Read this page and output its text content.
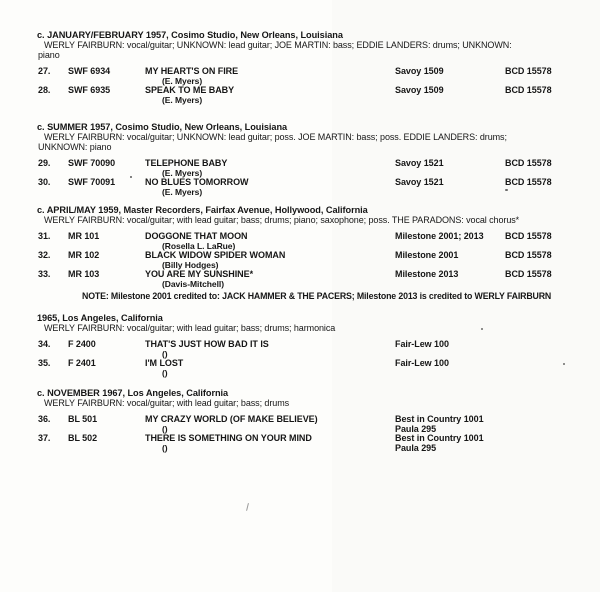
c. JANUARY/FEBRUARY 1957, Cosimo Studio, New Orleans, Louisiana
WERLY FAIRBURN: vocal/guitar; UNKNOWN: lead guitar; JOE MARTIN: bass; EDDIE LANDERS: drums; UNKNOWN:
piano
27.	SWF 6934	MY HEART'S ON FIRE
(E. Myers)
Savoy 1509	BCD 15578
28.	SWF 6935	SPEAK TO ME BABY
(E. Myers)
Savoy 1509	BCD 15578
c. SUMMER 1957, Cosimo Studio, New Orleans, Louisiana
WERLY FAIRBURN: vocal/guitar; UNKNOWN: lead guitar; poss. JOE MARTIN: bass; poss. EDDIE LANDERS: drums;
UNKNOWN: piano
29.	SWF 70090	TELEPHONE BABY
(E. Myers)
Savoy 1521	BCD 15578
30.	SWF 70091	NO BLUES TOMORROW
(E. Myers)
Savoy 1521	BCD 15578
c. APRIL/MAY 1959, Master Recorders, Fairfax Avenue, Hollywood, California
WERLY FAIRBURN: vocal/guitar; with lead guitar; bass; drums; piano; saxophone; poss. THE PARADONS: vocal chorus*
31.	MR 101	DOGGONE THAT MOON
(Rosella L. LaRue)
Milestone 2001; 2013	BCD 15578
32.	MR 102	BLACK WIDOW SPIDER WOMAN
(Billy Hodges)
Milestone 2001	BCD 15578
33.	MR 103	YOU ARE MY SUNSHINE*
(Davis-Mitchell)
Milestone 2013	BCD 15578

NOTE: Milestone 2001 credited to: JACK HAMMER & THE PACERS; Milestone 2013 is credited to WERLY FAIRBURN

1965, Los Angeles, California
WERLY FAIRBURN: vocal/guitar; with lead guitar; bass; drums; harmonica
34.	F 2400	THAT'S JUST HOW BAD IT IS
()
Fair-Lew 100
35.	F 2401	I'M LOST
()
Fair-Lew 100
c. NOVEMBER 1967, Los Angeles, California
WERLY FAIRBURN: vocal/guitar; with lead guitar; bass; drums
36.	BL 501	MY CRAZY WORLD (OF MAKE BELIEVE)
()
Best in Country 1001
Paula 295
37.	BL 502	THERE IS SOMETHING ON YOUR MIND
()
Best in Country 1001
Paula 295
